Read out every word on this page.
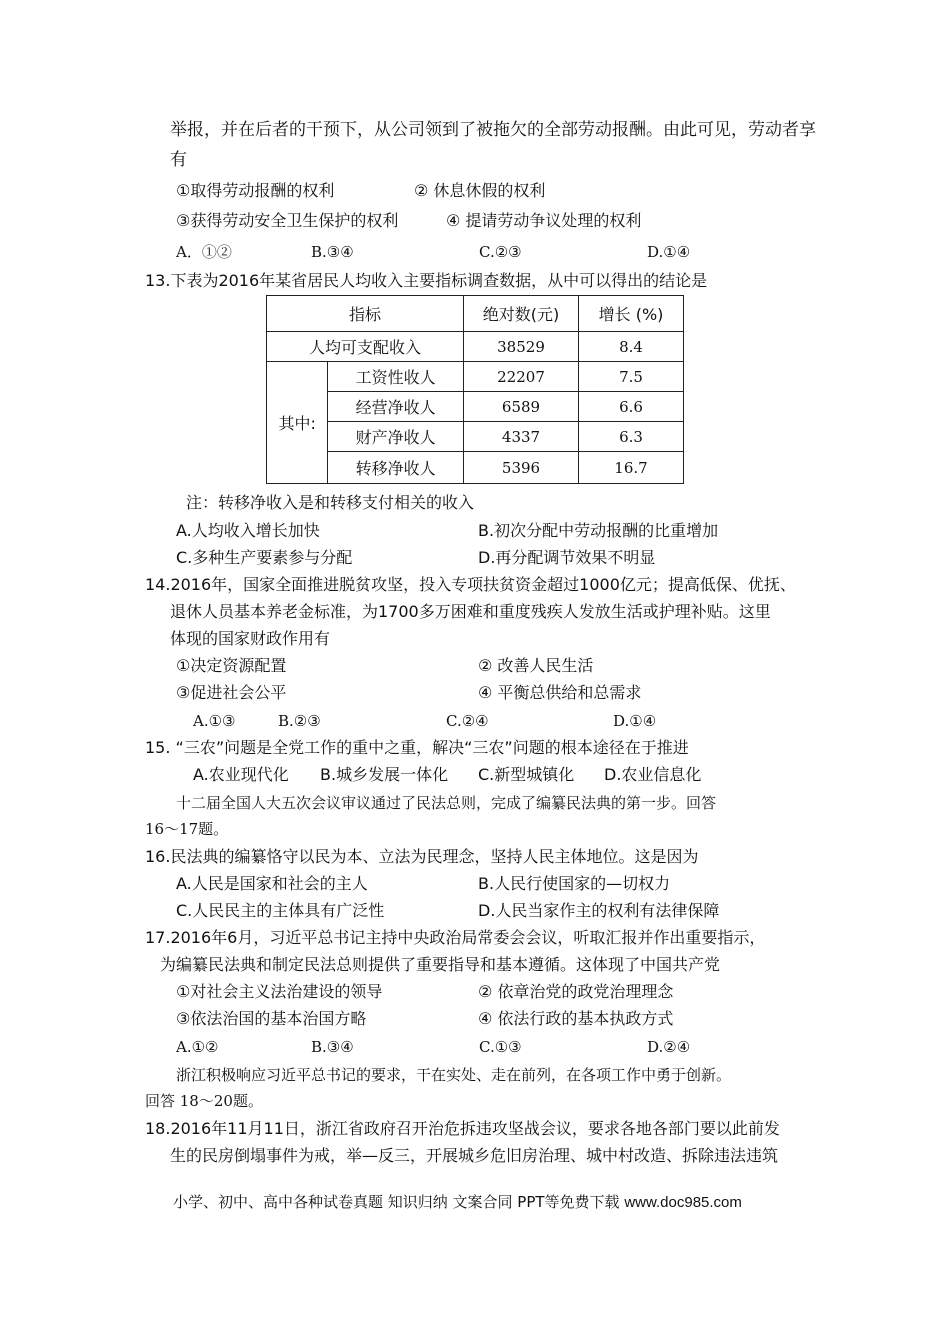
举报，并在后者的干预下，从公司领到了被拖欠的全部劳动报酬。由此可见，劳动者享
有
①取得劳动报酬的权利	② 休息休假的权利
③获得劳动安全卫生保护的权利	④ 提请劳动争议处理的权利
A．①②	B.③④	C.②③	D.①④
13.下表为2016年某省居民人均收入主要指标调查数据，从中可以得出的结论是
指标		绝对数(元)	增长 (%)
人均可支配收入		38529	8.4
其中:	工资性收人	22207	7.5
	经营净收人	6589	6.6
	财产净收人	4337	6.3
	转移净收人	5396	16.7
注：转移净收入是和转移支付相关的收入
A.人均收入增长加快	B.初次分配中劳动报酬的比重增加
C.多种生产要素参与分配	D.再分配调节效果不明显
14.2016年，国家全面推进脱贫攻坚，投入专项扶贫资金超过1000亿元；提高低保、优抚、
退休人员基本养老金标准，为1700多万困难和重度残疾人发放生活或护理补贴。这里
体现的国家财政作用有
①决定资源配置	② 改善人民生活
③促进社会公平	④ 平衡总供给和总需求
A.①③	B.②③	C.②④	D.①④
15. “三农”问题是全党工作的重中之重，解决“三农”问题的根本途径在于推进
A.农业现代化 B.城乡发展一体化 C.新型城镇化 D.农业信息化
十二届全国人大五次会议审议通过了民法总则，完成了编纂民法典的第一步。回答
16～17题。
16.民法典的编纂恪守以民为本、立法为民理念，坚持人民主体地位。这是因为
A.人民是国家和社会的主人	B.人民行使国家的—切权力
C.人民民主的主体具有广泛性	D.人民当家作主的权利有法律保障
17.2016年6月，习近平总书记主持中央政治局常委会会议，听取汇报并作出重要指示，
为编纂民法典和制定民法总则提供了重要指导和基本遵循。这体现了中国共产党
①对社会主义法治建设的领导	② 依章治党的政党治理理念
③依法治国的基本治国方略	④ 依法行政的基本执政方式
A.①②	B.③④	C.①③	D.②④
浙江积极响应习近平总书记的要求，干在实处、走在前列，在各项工作中勇于创新。
回答 18～20题。
18.2016年11月11日，浙江省政府召开治危拆违攻坚战会议，要求各地各部门要以此前发
生的民房倒塌事件为戒，举—反三，开展城乡危旧房治理、城中村改造、拆除违法违筑
小学、初中、高中各种试卷真题 知识归纳 文案合同 PPT等免费下载 www.doc985.com
